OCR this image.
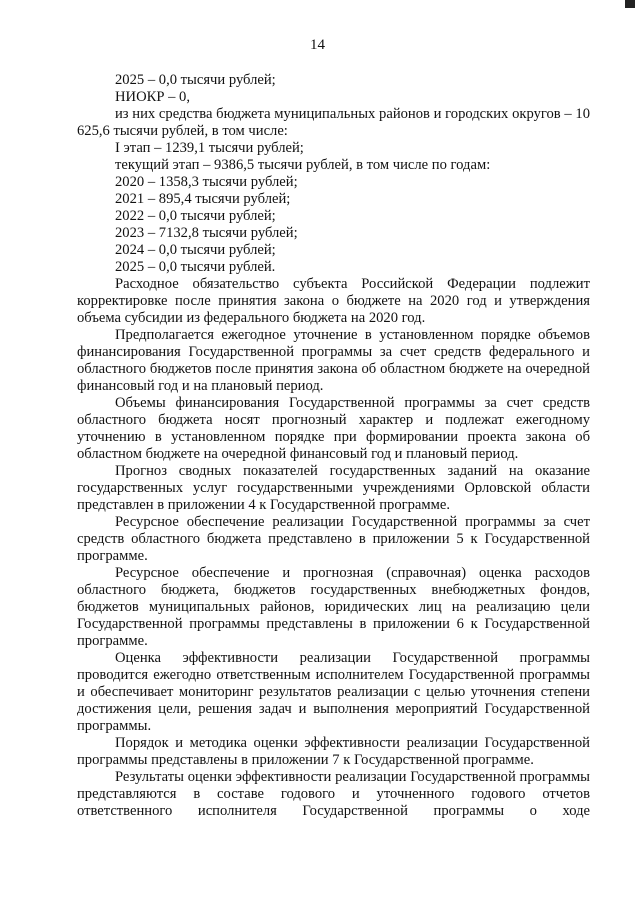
14

2025 – 0,0 тысячи рублей;

НИОКР – 0,

из них средства бюджета муниципальных районов и городских округов – 10 625,6 тысячи рублей, в том числе:

I этап – 1239,1 тысячи рублей;

текущий этап – 9386,5 тысячи рублей, в том числе по годам:

2020 – 1358,3 тысячи рублей;

2021 – 895,4 тысячи рублей;

2022 – 0,0 тысячи рублей;

2023 – 7132,8 тысячи рублей;

2024 – 0,0 тысячи рублей;

2025 – 0,0 тысячи рублей.

Расходное обязательство субъекта Российской Федерации подлежит корректировке после принятия закона о бюджете на 2020 год и утверждения объема субсидии из федерального бюджета на 2020 год.

Предполагается ежегодное уточнение в установленном порядке объемов финансирования Государственной программы за счет средств федерального и областного бюджетов после принятия закона об областном бюджете на очередной финансовый год и на плановый период.

Объемы финансирования Государственной программы за счет средств областного бюджета носят прогнозный характер и подлежат ежегодному уточнению в установленном порядке при формировании проекта закона об областном бюджете на очередной финансовый год и плановый период.

Прогноз сводных показателей государственных заданий на оказание государственных услуг государственными учреждениями Орловской области представлен в приложении 4 к Государственной программе.

Ресурсное обеспечение реализации Государственной программы за счет средств областного бюджета представлено в приложении 5 к Государственной программе.

Ресурсное обеспечение и прогнозная (справочная) оценка расходов областного бюджета, бюджетов государственных внебюджетных фондов, бюджетов муниципальных районов, юридических лиц на реализацию цели Государственной программы представлены в приложении 6 к Государственной программе.

Оценка эффективности реализации Государственной программы проводится ежегодно ответственным исполнителем Государственной программы и обеспечивает мониторинг результатов реализации с целью уточнения степени достижения цели, решения задач и выполнения мероприятий Государственной программы.

Порядок и методика оценки эффективности реализации Государственной программы представлены в приложении 7 к Государственной программе.

Результаты оценки эффективности реализации Государственной программы представляются в составе годового и уточненного годового отчетов ответственного исполнителя Государственной программы о ходе
